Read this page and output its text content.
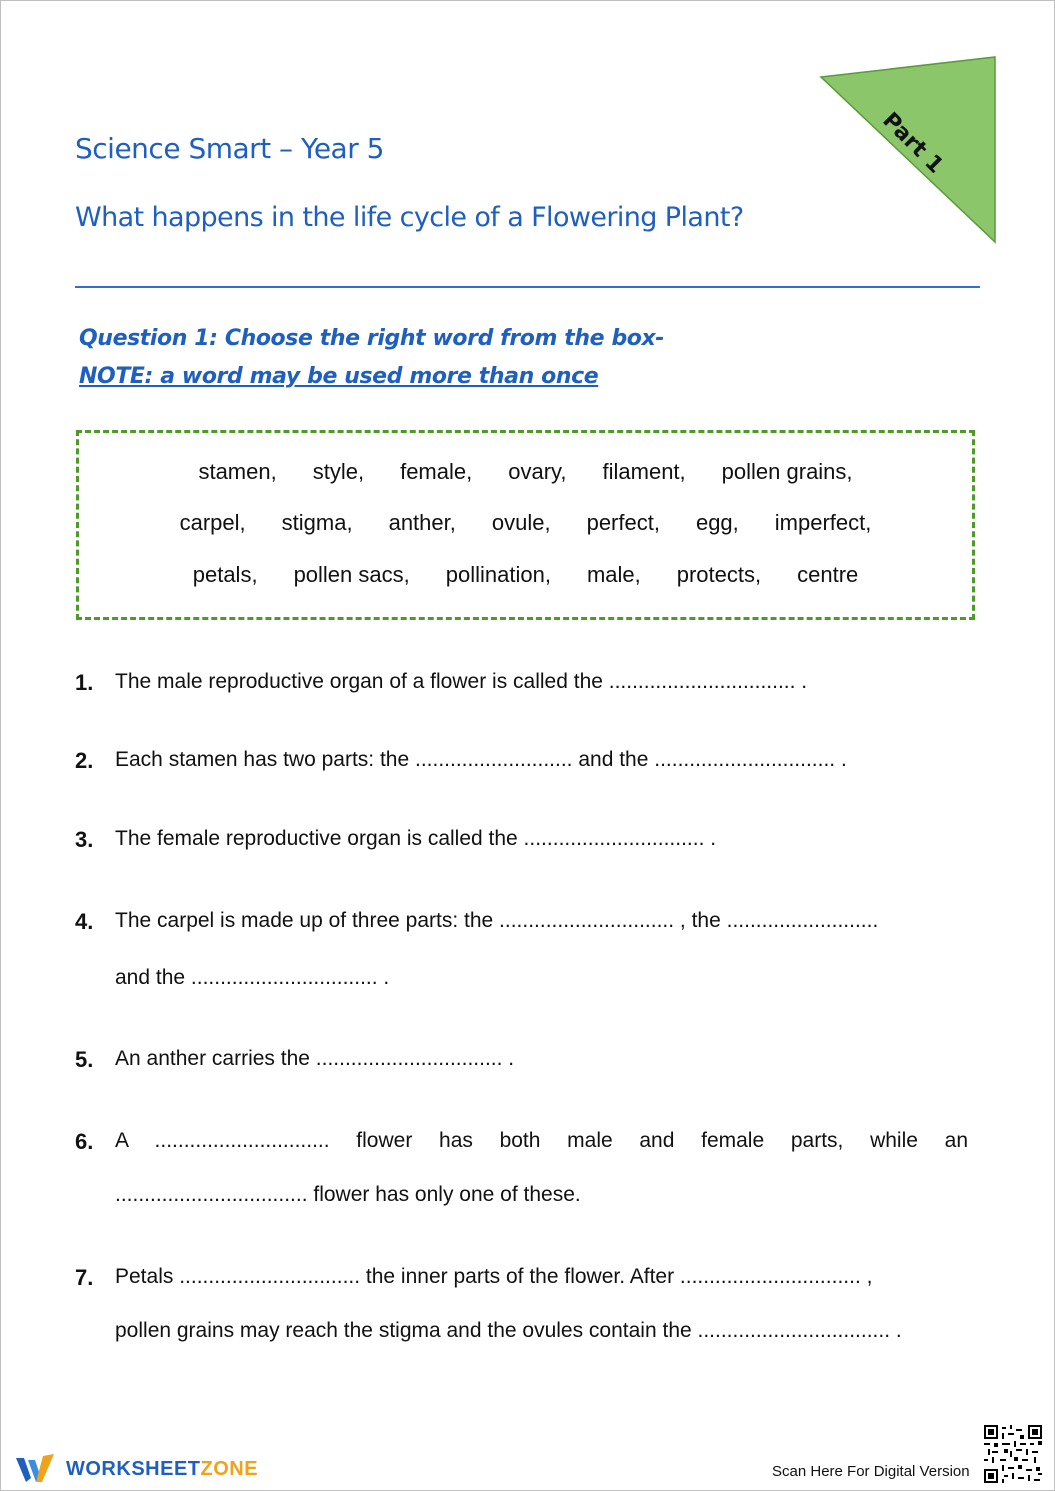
Part 1
Science Smart – Year 5
What happens in the life cycle of a Flowering Plant?
Question 1: Choose the right word from the box-
NOTE: a word may be used more than once
stamen, style, female, ovary, filament, pollen grains,
carpel, stigma, anther, ovule, perfect, egg, imperfect,
petals, pollen sacs, pollination, male, protects, centre
1. The male reproductive organ of a flower is called the ................................ .
2. Each stamen has two parts: the ........................... and the ............................... .
3. The female reproductive organ is called the ............................... .
4. The carpel is made up of three parts: the .............................. , the ..........................
and the ................................ .
5. An anther carries the ................................ .
6. A .............................. flower has both male and female parts, while an
................................. flower has only one of these.
7. Petals ............................... the inner parts of the flower. After ............................... ,
pollen grains may reach the stigma and the ovules contain the ................................. .
WORKSHEETZONE	Scan Here For Digital Version
